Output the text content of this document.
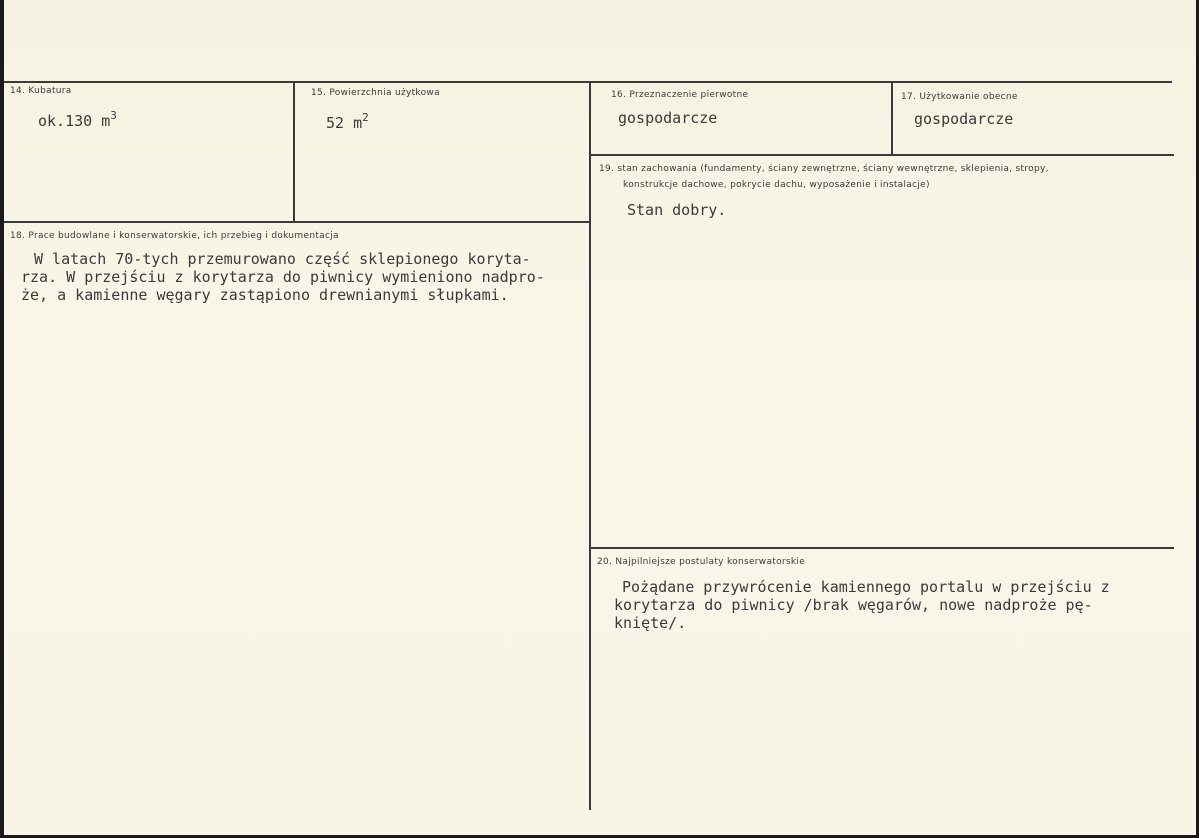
14. Kubatura
ok.130 $m^3$
15. Powierzchnia użytkowa
52 $m^2$
16. Przeznaczenie pierwotne
gospodarcze
17. Użytkowanie obecne
gospodarcze
19. stan zachowania (fundamenty, ściany zewnętrzne, ściany wewnętrzne, sklepienia, stropy,
konstrukcje dachowe, pokrycie dachu, wyposażenie i instalacje)
Stan dobry.
18. Prace budowlane i konserwatorskie, ich przebieg i dokumentacja
W latach 70-tych przemurowano część sklepionego koryta-
rza. W przejściu z korytarza do piwnicy wymieniono nadpro-
że, a kamienne węgary zastąpiono drewnianymi słupkami.
20. Najpilniejsze postulaty konserwatorskie
Pożądane przywrócenie kamiennego portalu w przejściu z
korytarza do piwnicy /brak węgarów, nowe nadproże pę-
knięte/.
